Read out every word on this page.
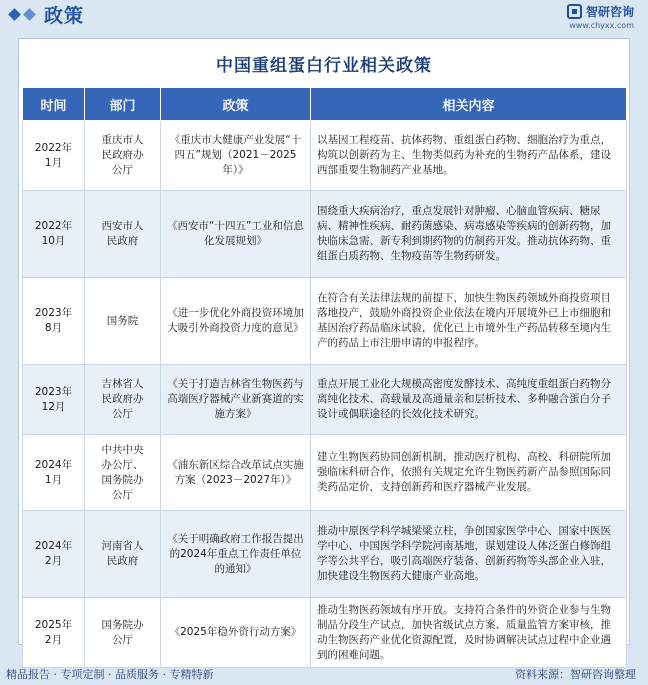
政策	智研咨询
www.chyxx.com
中国重组蛋白行业相关政策
时间	部门	政策	相关内容
2022年
1月	重庆市人
民政府办
公厅	《重庆市大健康产业发展“十四五”规划（2021－2025年）》	以基因工程疫苗、抗体药物、重组蛋白药物、细胞治疗为重点，构筑以创新药为主、生物类似药为补充的生物药产品体系，建设西部重要生物制药产业基地。
2022年
10月	西安市人
民政府	《西安市“十四五”工业和信息化发展规划》	围绕重大疾病治疗，重点发展针对肿瘤、心脑血管疾病、糖尿病、精神性疾病、耐药菌感染、病毒感染等疾病的创新药物，加快临床急需、新专利到期药物的仿制药开发。推动抗体药物、重组蛋白质药物、生物疫苗等生物药研发。
2023年
8月	国务院	《进一步优化外商投资环境加大吸引外商投资力度的意见》	在符合有关法律法规的前提下，加快生物医药领域外商投资项目落地投产，鼓励外商投资企业依法在境内开展境外已上市细胞和基因治疗药品临床试验，优化已上市境外生产药品转移至境内生产的药品上市注册申请的申报程序。
2023年
12月	吉林省人
民政府办
公厅	《关于打造吉林省生物医药与高端医疗器械产业新赛道的实施方案》	重点开展工业化大规模高密度发酵技术、高纯度重组蛋白药物分离纯化技术、高载量及高通量亲和层析技术、多种融合蛋白分子设计或偶联途径的长效化技术研究。
2024年
1月	中共中央
办公厅、
国务院办
公厅	《浦东新区综合改革试点实施方案（2023－2027年）》	建立生物医药协同创新机制，推动医疗机构、高校、科研院所加强临床科研合作，依照有关规定允许生物医药新产品参照国际同类药品定价，支持创新药和医疗器械产业发展。
2024年
2月	河南省人
民政府	《关于明确政府工作报告提出的2024年重点工作责任单位的通知》	推动中原医学科学城梁梁立柱，争创国家医学中心、国家中医医学中心、中国医学科学院河南基地，谋划建设人体泛蛋白修饰组学等公共平台，吸引高端医疗装备、创新药物等头部企业入驻，加快建设生物医药大健康产业高地。
2025年
2月	国务院办
公厅	《2025年稳外资行动方案》	推动生物医药领域有序开放。支持符合条件的外资企业参与生物制品分段生产试点，加快省级试点方案、质量监管方案审核，推动生物医药产业优化资源配置，及时协调解决试点过程中企业遇到的困难问题。
精品报告 · 专项定制 · 品质服务 · 专精特新	资料来源：智研咨询整理
